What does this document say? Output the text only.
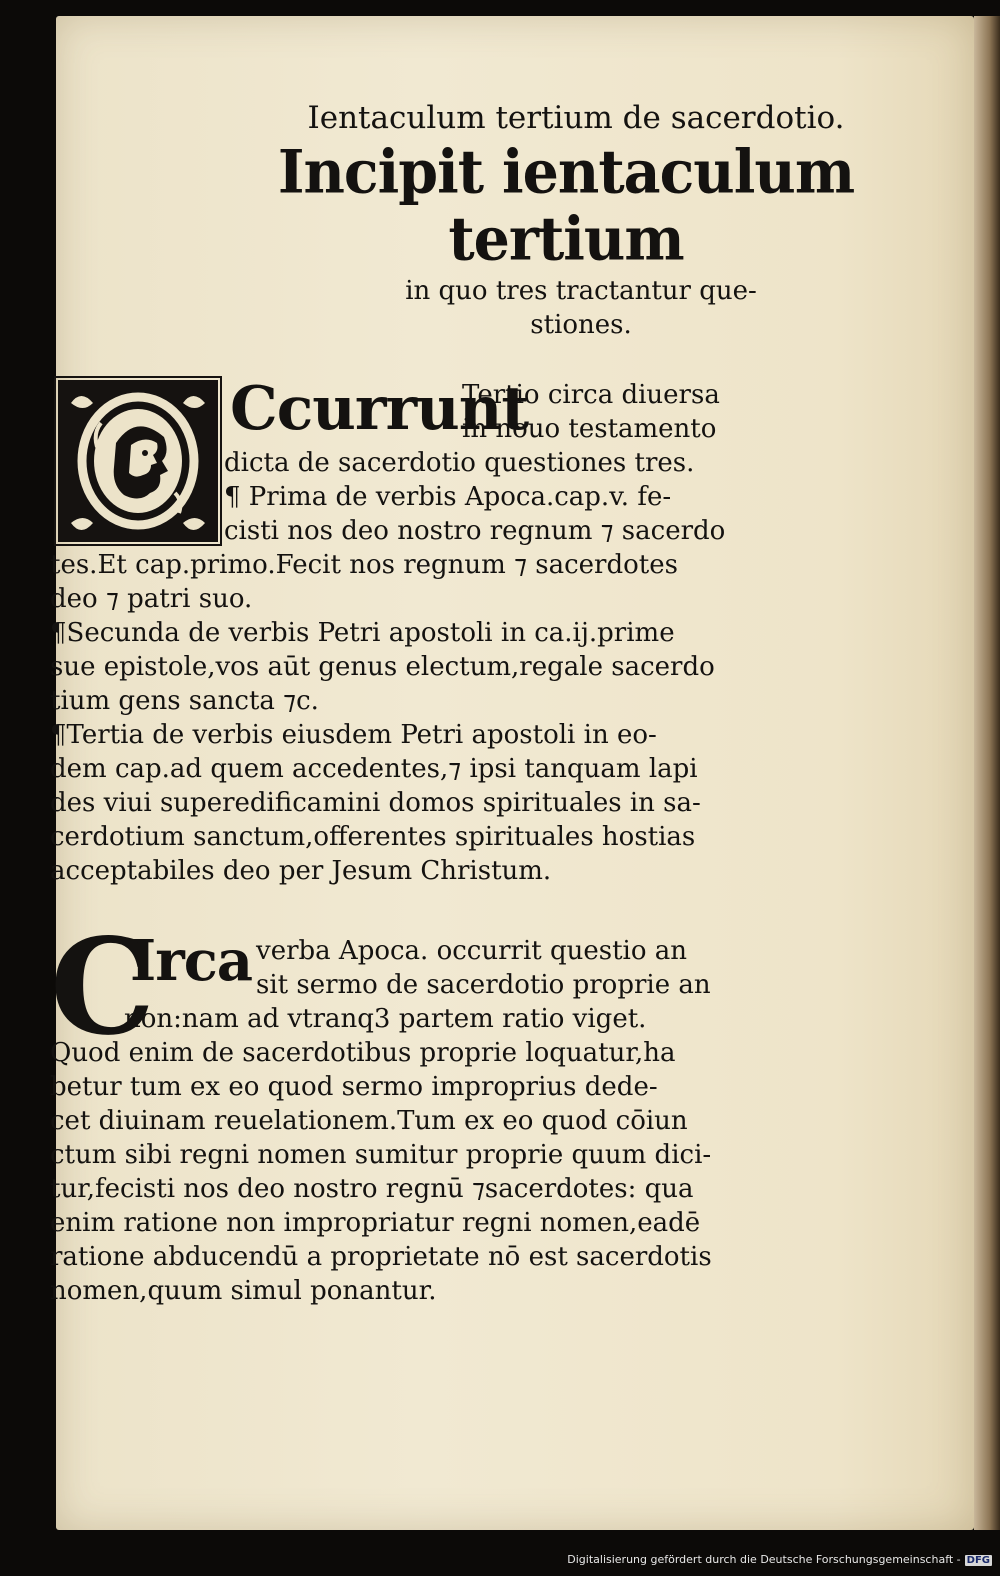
Ientaculum tertium de sacerdotio.
Incipit ientaculum tertium
in quo tres tractantur que-
stiones.
Ccurrunt
Tertio circa diuersa
in nouo testamento
dicta de sacerdotio questiones tres.
¶ Prima de verbis Apoca.cap.v. fe-
cisti nos deo nostro regnum ⁊ sacerdo
tes.Et cap.primo.Fecit nos regnum ⁊ sacerdotes
deo ⁊ patri suo.
¶Secunda de verbis Petri apostoli in ca.ij.prime
sue epistole,vos aūt genus electum,regale sacerdo
tium gens sancta ⁊c.
¶Tertia de verbis eiusdem Petri apostoli in eo-
dem cap.ad quem accedentes,⁊ ipsi tanquam lapi
des viui superedificamini domos spirituales in sa-
cerdotium sanctum,offerentes spirituales hostias
acceptabiles deo per Jesum Christum.
C
Irca verba Apoca. occurrit questio an
sit sermo de sacerdotio proprie an
non:nam ad vtranq3 partem ratio viget.
Quod enim de sacerdotibus proprie loquatur,ha
betur tum ex eo quod sermo improprius dede-
cet diuinam reuelationem.Tum ex eo quod cōiun
ctum sibi regni nomen sumitur proprie quum dici-
tur,fecisti nos deo nostro regnū ⁊sacerdotes: qua
enim ratione non impropriatur regni nomen,eadē
ratione abducendū a proprietate nō est sacerdotis
nomen,quum simul ponantur.
Digitalisierung gefördert durch die Deutsche Forschungsgemeinschaft - DFG
